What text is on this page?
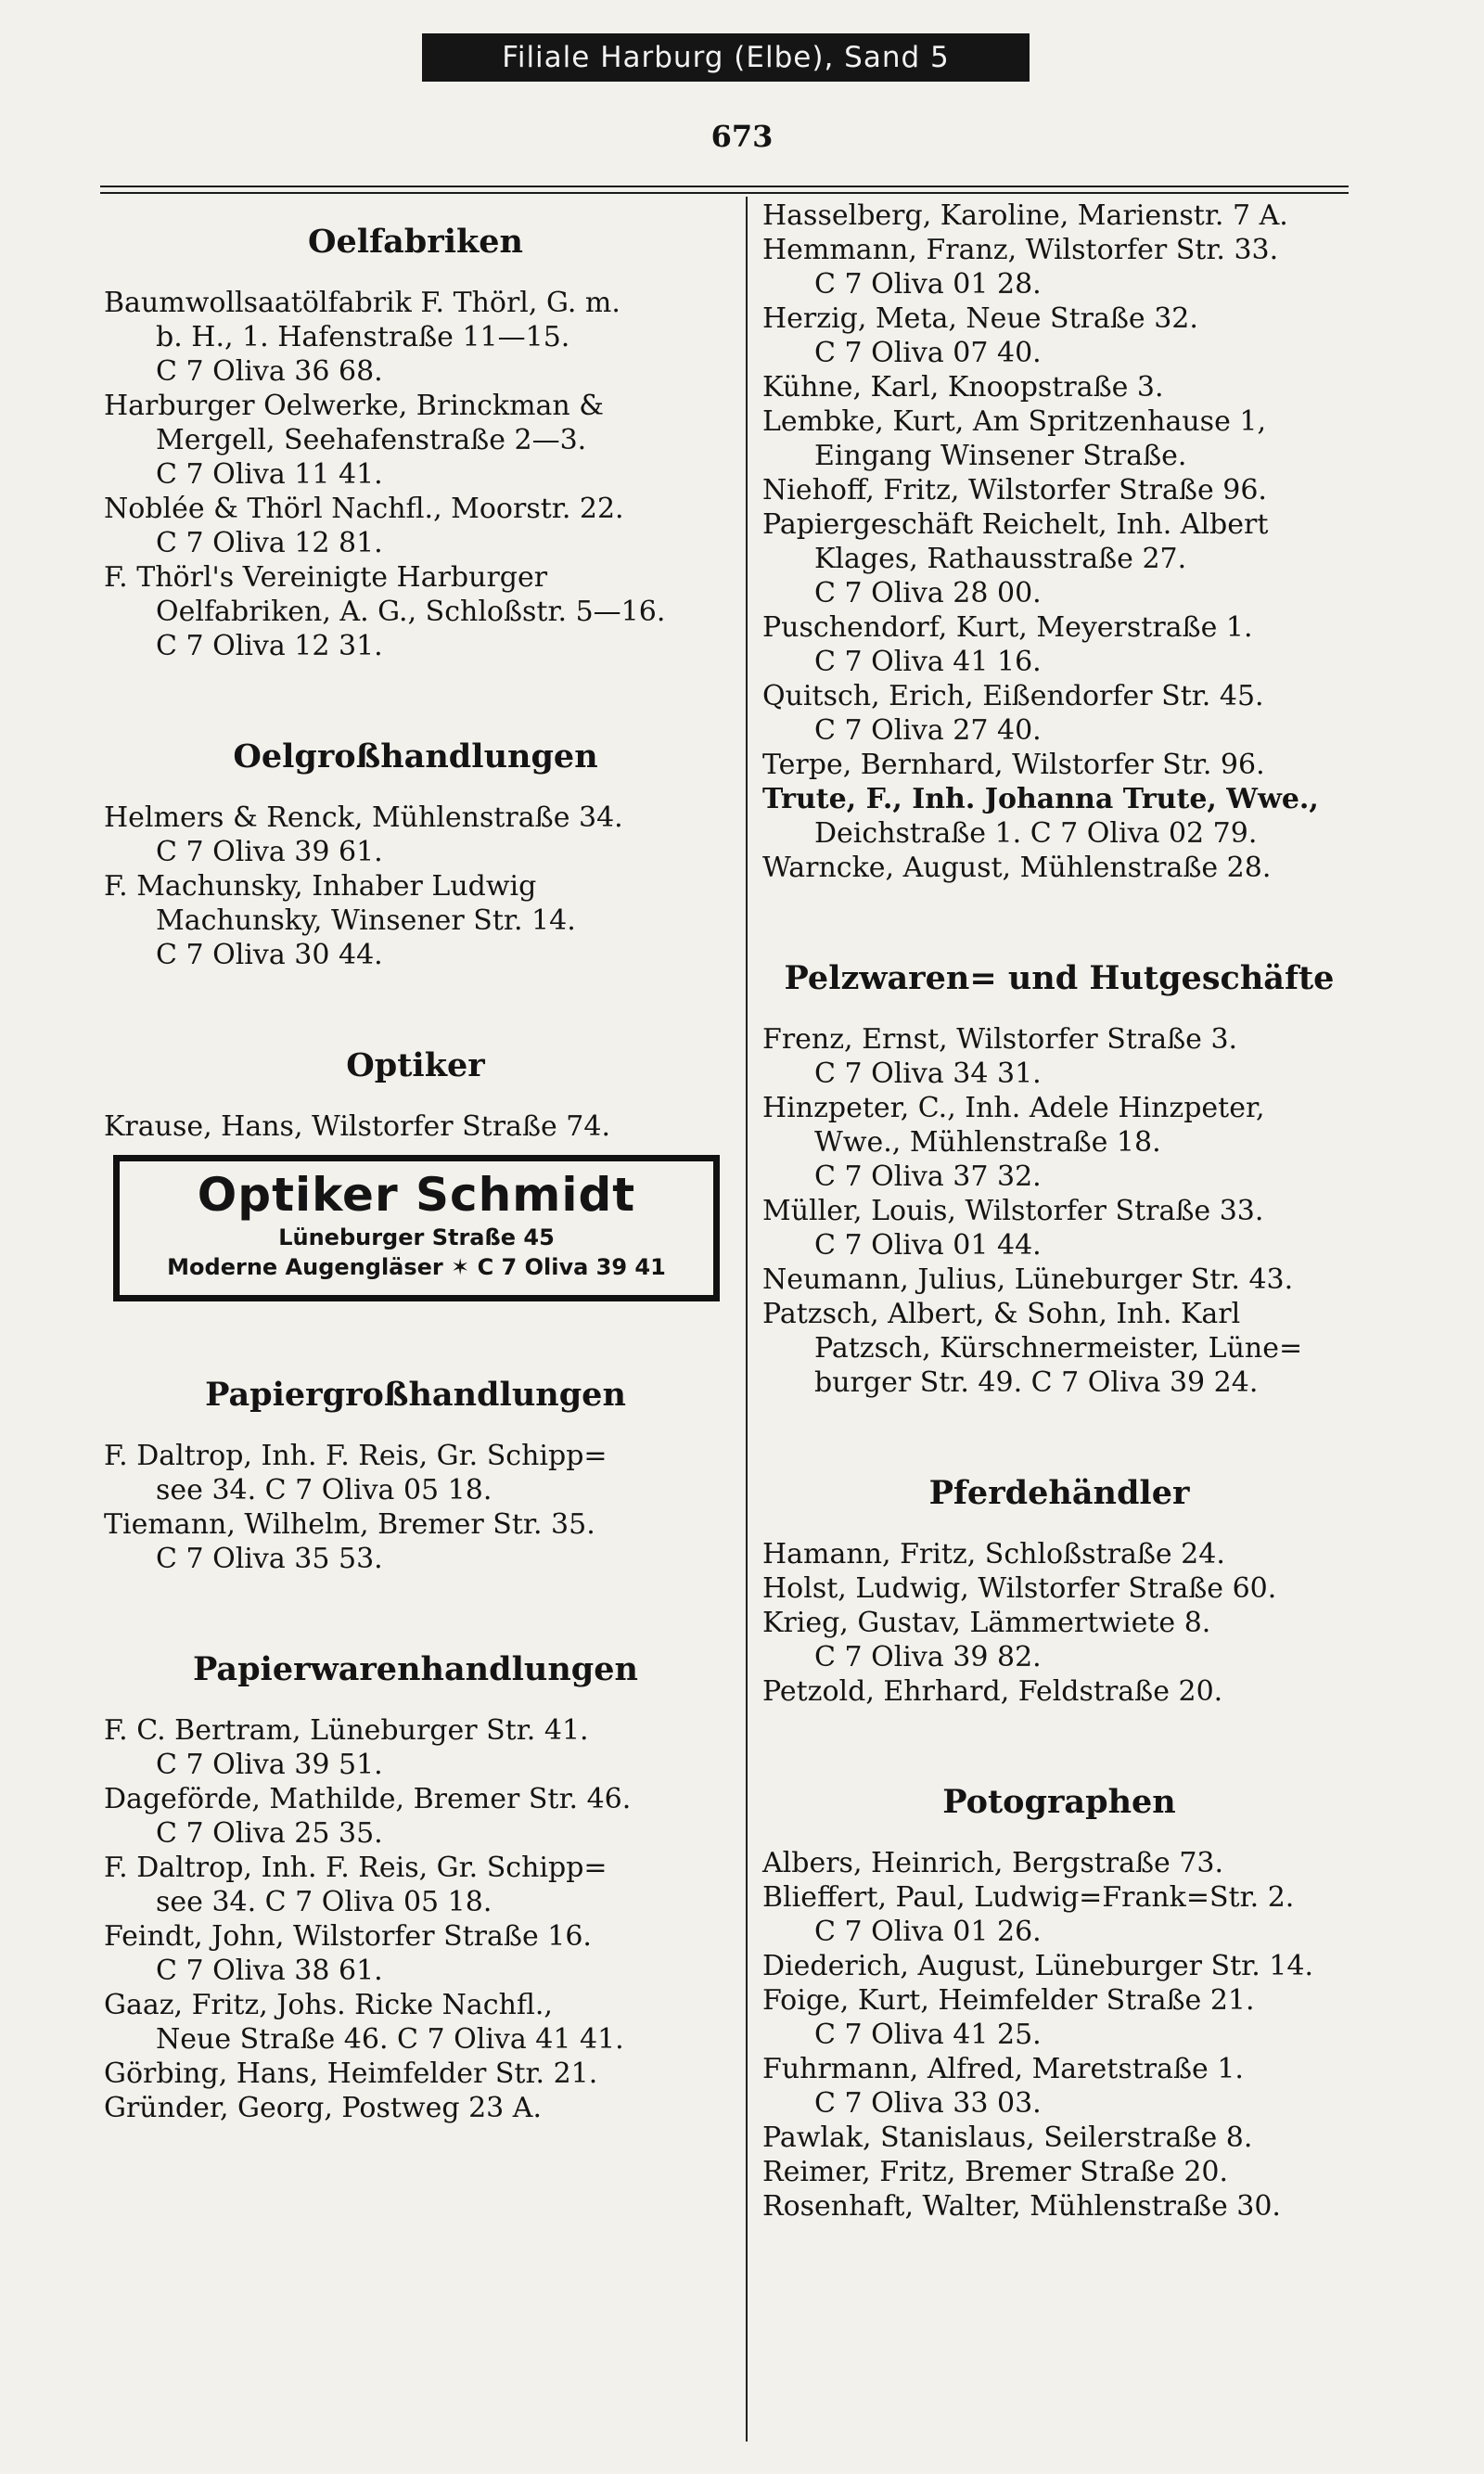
Filiale Harburg (Elbe), Sand 5
673
Oelfabriken
Baumwollsaatölfabrik F. Thörl, G. m.
b. H., 1. Hafenstraße 11—15.
C 7 Oliva 36 68.
Harburger Oelwerke, Brinckman &
Mergell, Seehafenstraße 2—3.
C 7 Oliva 11 41.
Noblée & Thörl Nachfl., Moorstr. 22.
C 7 Oliva 12 81.
F. Thörl's Vereinigte Harburger
Oelfabriken, A. G., Schloßstr. 5—16.
C 7 Oliva 12 31.
Oelgroßhandlungen
Helmers & Renck, Mühlenstraße 34.
C 7 Oliva 39 61.
F. Machunsky, Inhaber Ludwig
Machunsky, Winsener Str. 14.
C 7 Oliva 30 44.
Optiker
Krause, Hans, Wilstorfer Straße 74.
Optiker Schmidt
Lüneburger Straße 45
Moderne Augengläser ✶ C 7 Oliva 39 41
Papiergroßhandlungen
F. Daltrop, Inh. F. Reis, Gr. Schipp=
see 34. C 7 Oliva 05 18.
Tiemann, Wilhelm, Bremer Str. 35.
C 7 Oliva 35 53.
Papierwarenhandlungen
F. C. Bertram, Lüneburger Str. 41.
C 7 Oliva 39 51.
Dageförde, Mathilde, Bremer Str. 46.
C 7 Oliva 25 35.
F. Daltrop, Inh. F. Reis, Gr. Schipp=
see 34. C 7 Oliva 05 18.
Feindt, John, Wilstorfer Straße 16.
C 7 Oliva 38 61.
Gaaz, Fritz, Johs. Ricke Nachfl.,
Neue Straße 46. C 7 Oliva 41 41.
Görbing, Hans, Heimfelder Str. 21.
Gründer, Georg, Postweg 23 A.
Hasselberg, Karoline, Marienstr. 7 A.
Hemmann, Franz, Wilstorfer Str. 33.
C 7 Oliva 01 28.
Herzig, Meta, Neue Straße 32.
C 7 Oliva 07 40.
Kühne, Karl, Knoopstraße 3.
Lembke, Kurt, Am Spritzenhause 1,
Eingang Winsener Straße.
Niehoff, Fritz, Wilstorfer Straße 96.
Papiergeschäft Reichelt, Inh. Albert
Klages, Rathausstraße 27.
C 7 Oliva 28 00.
Puschendorf, Kurt, Meyerstraße 1.
C 7 Oliva 41 16.
Quitsch, Erich, Eißendorfer Str. 45.
C 7 Oliva 27 40.
Terpe, Bernhard, Wilstorfer Str. 96.
Trute, F., Inh. Johanna Trute, Wwe.,
Deichstraße 1. C 7 Oliva 02 79.
Warncke, August, Mühlenstraße 28.
Pelzwaren= und Hutgeschäfte
Frenz, Ernst, Wilstorfer Straße 3.
C 7 Oliva 34 31.
Hinzpeter, C., Inh. Adele Hinzpeter,
Wwe., Mühlenstraße 18.
C 7 Oliva 37 32.
Müller, Louis, Wilstorfer Straße 33.
C 7 Oliva 01 44.
Neumann, Julius, Lüneburger Str. 43.
Patzsch, Albert, & Sohn, Inh. Karl
Patzsch, Kürschnermeister, Lüne=
burger Str. 49. C 7 Oliva 39 24.
Pferdehändler
Hamann, Fritz, Schloßstraße 24.
Holst, Ludwig, Wilstorfer Straße 60.
Krieg, Gustav, Lämmertwiete 8.
C 7 Oliva 39 82.
Petzold, Ehrhard, Feldstraße 20.
Potographen
Albers, Heinrich, Bergstraße 73.
Blieffert, Paul, Ludwig=Frank=Str. 2.
C 7 Oliva 01 26.
Diederich, August, Lüneburger Str. 14.
Foige, Kurt, Heimfelder Straße 21.
C 7 Oliva 41 25.
Fuhrmann, Alfred, Maretstraße 1.
C 7 Oliva 33 03.
Pawlak, Stanislaus, Seilerstraße 8.
Reimer, Fritz, Bremer Straße 20.
Rosenhaft, Walter, Mühlenstraße 30.
